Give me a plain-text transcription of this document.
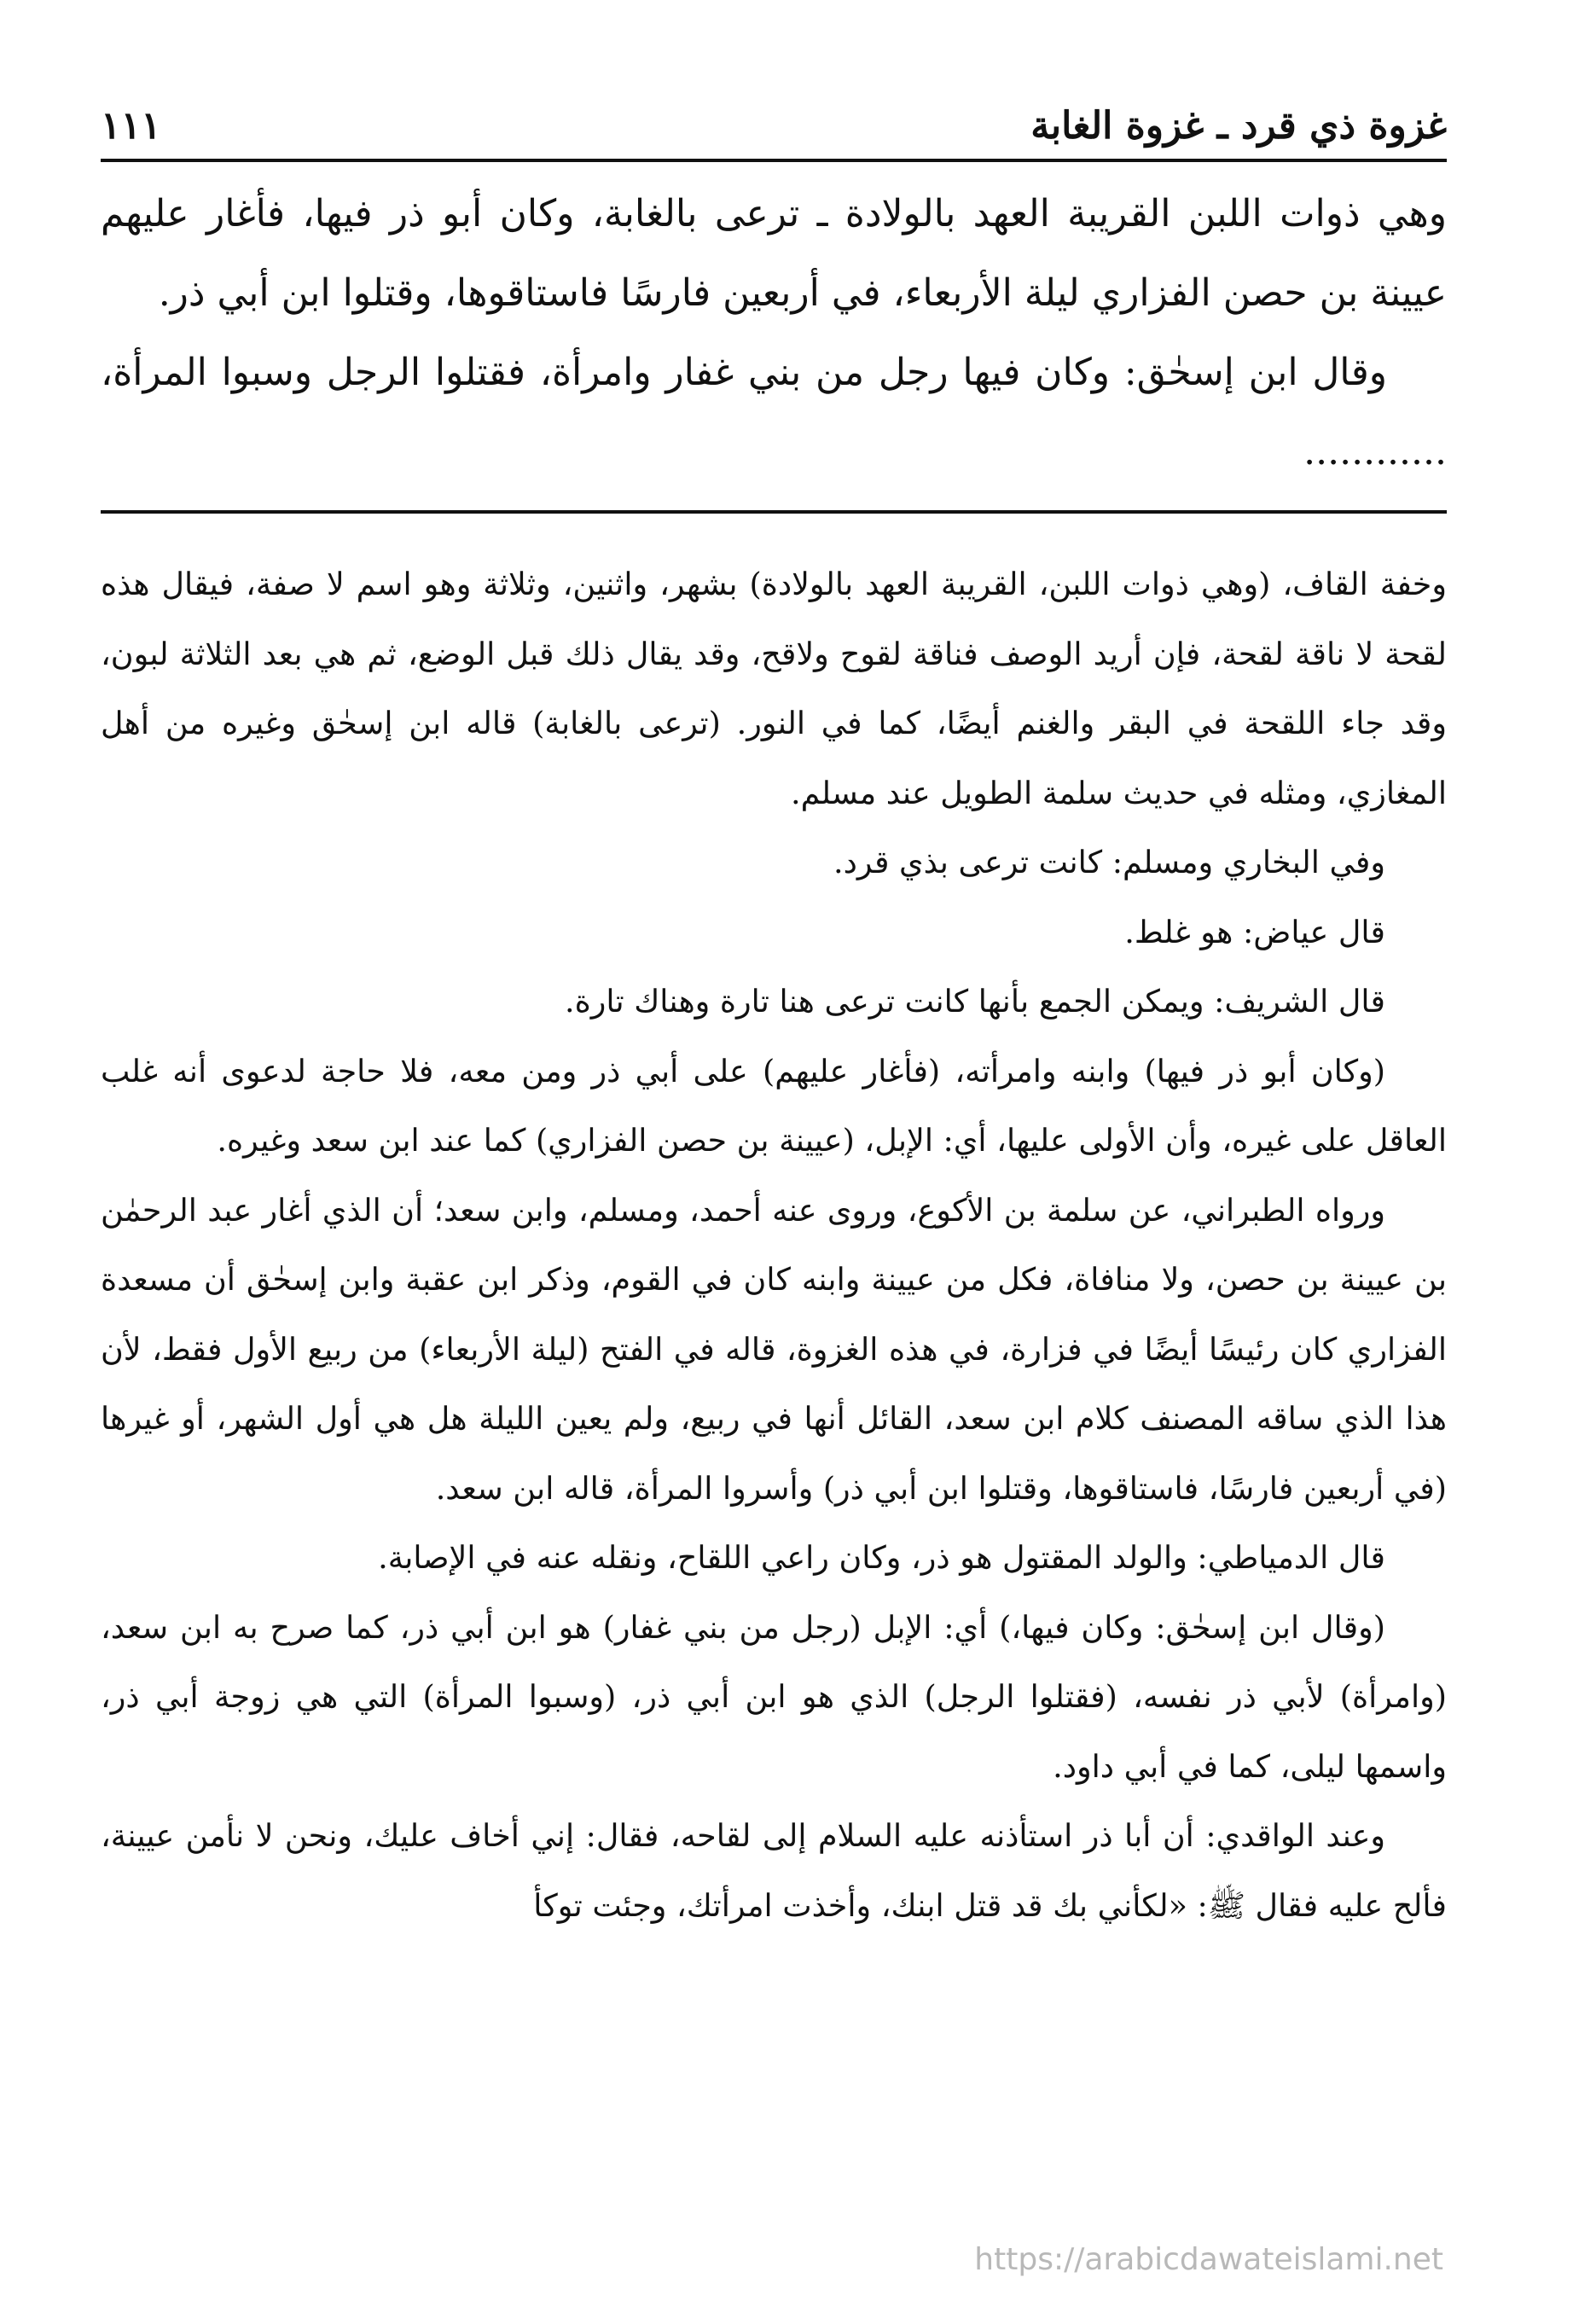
غزوة ذي قرد ـ غزوة الغابة
١١١

وهي ذوات اللبن القريبة العهد بالولادة ـ ترعى بالغابة، وكان أبو ذر فيها، فأغار عليهم عيينة بن حصن الفزاري ليلة الأربعاء، في أربعين فارسًا فاستاقوها، وقتلوا ابن أبي ذر.

وقال ابن إسحٰق: وكان فيها رجل من بني غفار وامرأة، فقتلوا الرجل وسبوا المرأة، ............

وخفة القاف، (وهي ذوات اللبن، القريبة العهد بالولادة) بشهر، واثنين، وثلاثة وهو اسم لا صفة، فيقال هذه لقحة لا ناقة لقحة، فإن أريد الوصف فناقة لقوح ولاقح، وقد يقال ذلك قبل الوضع، ثم هي بعد الثلاثة لبون، وقد جاء اللقحة في البقر والغنم أيضًا، كما في النور. (ترعى بالغابة) قاله ابن إسحٰق وغيره من أهل المغازي، ومثله في حديث سلمة الطويل عند مسلم.

وفي البخاري ومسلم: كانت ترعى بذي قرد.

قال عياض: هو غلط.

قال الشريف: ويمكن الجمع بأنها كانت ترعى هنا تارة وهناك تارة.

(وكان أبو ذر فيها) وابنه وامرأته، (فأغار عليهم) على أبي ذر ومن معه، فلا حاجة لدعوى أنه غلب العاقل على غيره، وأن الأولى عليها، أي: الإبل، (عيينة بن حصن الفزاري) كما عند ابن سعد وغيره.

ورواه الطبراني، عن سلمة بن الأكوع، وروى عنه أحمد، ومسلم، وابن سعد؛ أن الذي أغار عبد الرحمٰن بن عيينة بن حصن، ولا منافاة، فكل من عيينة وابنه كان في القوم، وذكر ابن عقبة وابن إسحٰق أن مسعدة الفزاري كان رئيسًا أيضًا في فزارة، في هذه الغزوة، قاله في الفتح (ليلة الأربعاء) من ربيع الأول فقط، لأن هذا الذي ساقه المصنف كلام ابن سعد، القائل أنها في ربيع، ولم يعين الليلة هل هي أول الشهر، أو غيرها (في أربعين فارسًا، فاستاقوها، وقتلوا ابن أبي ذر) وأسروا المرأة، قاله ابن سعد.

قال الدمياطي: والولد المقتول هو ذر، وكان راعي اللقاح، ونقله عنه في الإصابة.

(وقال ابن إسحٰق: وكان فيها،) أي: الإبل (رجل من بني غفار) هو ابن أبي ذر، كما صرح به ابن سعد، (وامرأة) لأبي ذر نفسه، (فقتلوا الرجل) الذي هو ابن أبي ذر، (وسبوا المرأة) التي هي زوجة أبي ذر، واسمها ليلى، كما في أبي داود.

وعند الواقدي: أن أبا ذر استأذنه عليه السلام إلى لقاحه، فقال: إني أخاف عليك، ونحن لا نأمن عيينة، فألح عليه فقال ﷺ: «لكأني بك قد قتل ابنك، وأخذت امرأتك، وجئت توكأ

https://arabicdawateislami.net
